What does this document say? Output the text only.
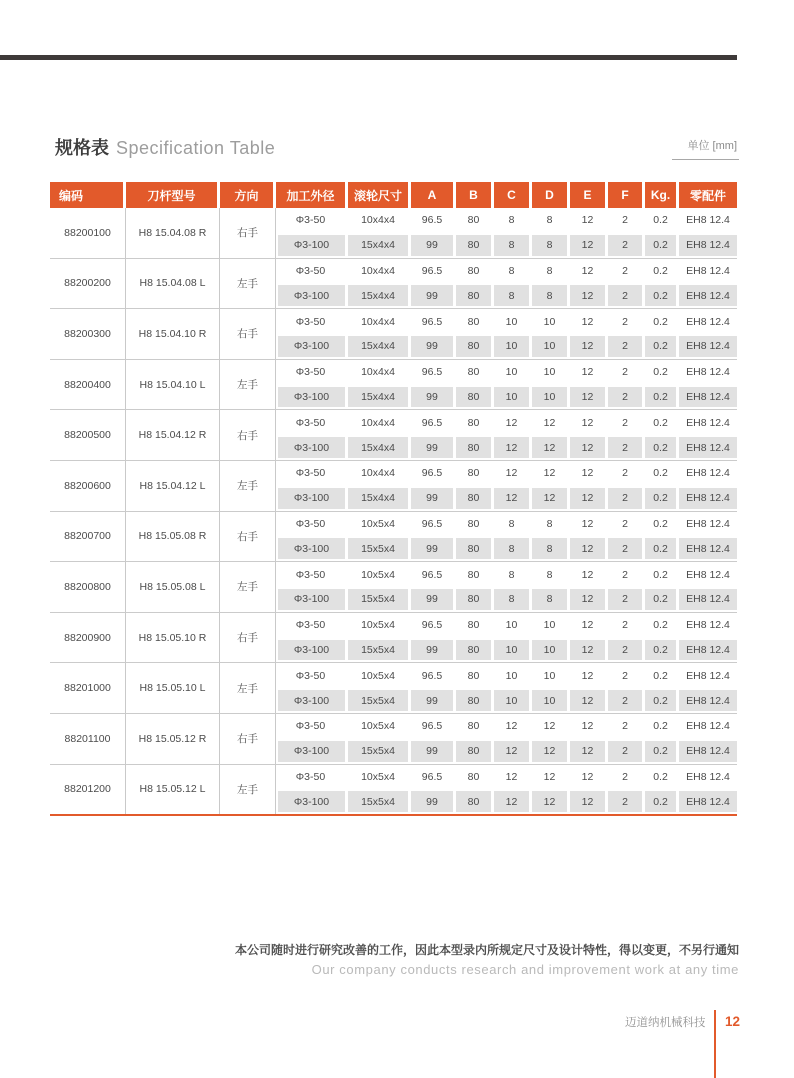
规格表 Specification Table	单位 [mm]
编码	刀杆型号	方向	加工外径	滚轮尺寸	A	B	C	D	E	F	Kg.	零配件
88200100	H8 15.04.08 R	右手
Φ3-50	10x4x4	96.5	80	8	8	12	2	0.2	EH8 12.4
Φ3-100	15x4x4	99	80	8	8	12	2	0.2	EH8 12.4
88200200	H8 15.04.08 L	左手
Φ3-50	10x4x4	96.5	80	8	8	12	2	0.2	EH8 12.4
Φ3-100	15x4x4	99	80	8	8	12	2	0.2	EH8 12.4
88200300	H8 15.04.10 R	右手
Φ3-50	10x4x4	96.5	80	10	10	12	2	0.2	EH8 12.4
Φ3-100	15x4x4	99	80	10	10	12	2	0.2	EH8 12.4
88200400	H8 15.04.10 L	左手
Φ3-50	10x4x4	96.5	80	10	10	12	2	0.2	EH8 12.4
Φ3-100	15x4x4	99	80	10	10	12	2	0.2	EH8 12.4
88200500	H8 15.04.12 R	右手
Φ3-50	10x4x4	96.5	80	12	12	12	2	0.2	EH8 12.4
Φ3-100	15x4x4	99	80	12	12	12	2	0.2	EH8 12.4
88200600	H8 15.04.12 L	左手
Φ3-50	10x4x4	96.5	80	12	12	12	2	0.2	EH8 12.4
Φ3-100	15x4x4	99	80	12	12	12	2	0.2	EH8 12.4
88200700	H8 15.05.08 R	右手
Φ3-50	10x5x4	96.5	80	8	8	12	2	0.2	EH8 12.4
Φ3-100	15x5x4	99	80	8	8	12	2	0.2	EH8 12.4
88200800	H8 15.05.08 L	左手
Φ3-50	10x5x4	96.5	80	8	8	12	2	0.2	EH8 12.4
Φ3-100	15x5x4	99	80	8	8	12	2	0.2	EH8 12.4
88200900	H8 15.05.10 R	右手
Φ3-50	10x5x4	96.5	80	10	10	12	2	0.2	EH8 12.4
Φ3-100	15x5x4	99	80	10	10	12	2	0.2	EH8 12.4
88201000	H8 15.05.10 L	左手
Φ3-50	10x5x4	96.5	80	10	10	12	2	0.2	EH8 12.4
Φ3-100	15x5x4	99	80	10	10	12	2	0.2	EH8 12.4
88201100	H8 15.05.12 R	右手
Φ3-50	10x5x4	96.5	80	12	12	12	2	0.2	EH8 12.4
Φ3-100	15x5x4	99	80	12	12	12	2	0.2	EH8 12.4
88201200	H8 15.05.12 L	左手
Φ3-50	10x5x4	96.5	80	12	12	12	2	0.2	EH8 12.4
Φ3-100	15x5x4	99	80	12	12	12	2	0.2	EH8 12.4
本公司随时进行研究改善的工作，因此本型录内所规定尺寸及设计特性，得以变更，不另行通知
Our company conducts research and improvement work at any time
迈道纳机械科技 12
